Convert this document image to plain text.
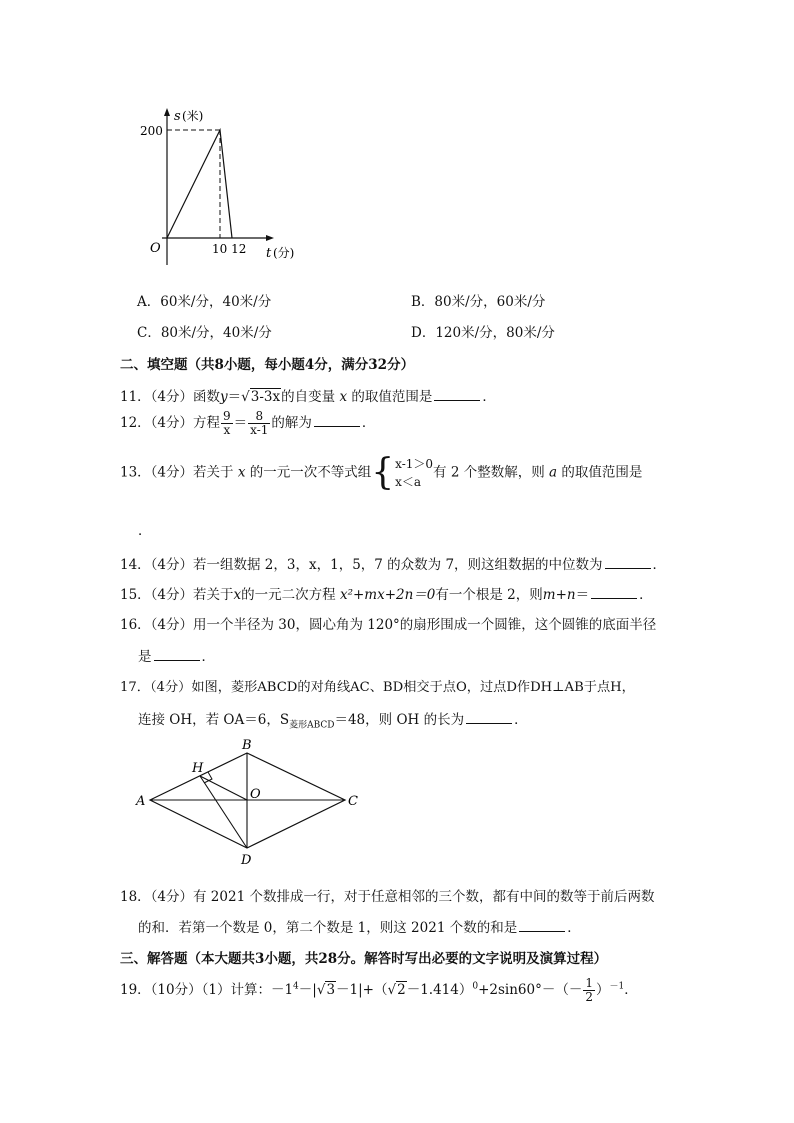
s (米)
200
O	10 12 t (分)
A．60米/分，40米/分	B．80米/分，60米/分
C．80米/分，40米/分	D．120米/分，80米/分
二、填空题（共8小题，每小题4分，满分32分）
11．（4分）函数y＝√3-3x的自变量 x 的取值范围是	．
12．（4分）方程 $\frac{9}{x} = \frac{8}{x-1}$ 的解为	．
13．（4分）若关于 x 的一元一次不等式组{x-1＞0
x＜a有 2 个整数解，则 a 的取值范围是
．
14．（4分）若一组数据 2，3，x，1，5，7 的众数为 7，则这组数据的中位数为	．
15．（4分）若关于x的一元二次方程 x²+mx+2n＝0有一个根是 2，则m+n＝	．
16．（4分）用一个半径为 30，圆心角为 120°的扇形围成一个圆锥，这个圆锥的底面半径
是	．
17．（4分）如图，菱形ABCD的对角线AC、BD相交于点O，过点D作DH⊥AB于点H，
连接 OH，若 OA＝6，$S_{菱形ABCD}=48$，则 OH 的长为	．
A
B
C
D
H
O
18．（4分）有 2021 个数排成一行，对于任意相邻的三个数，都有中间的数等于前后两数
的和．若第一个数是 0，第二个数是 1，则这 2021 个数的和是	．
三、解答题（本大题共3小题，共28分。解答时写出必要的文字说明及演算过程）
19．（10分）（1）计算：$-1^4-|√3-1|+(√2-1.414)^0+2\sin 60^\circ-(- \frac{1}{2} )^{-1}$．
